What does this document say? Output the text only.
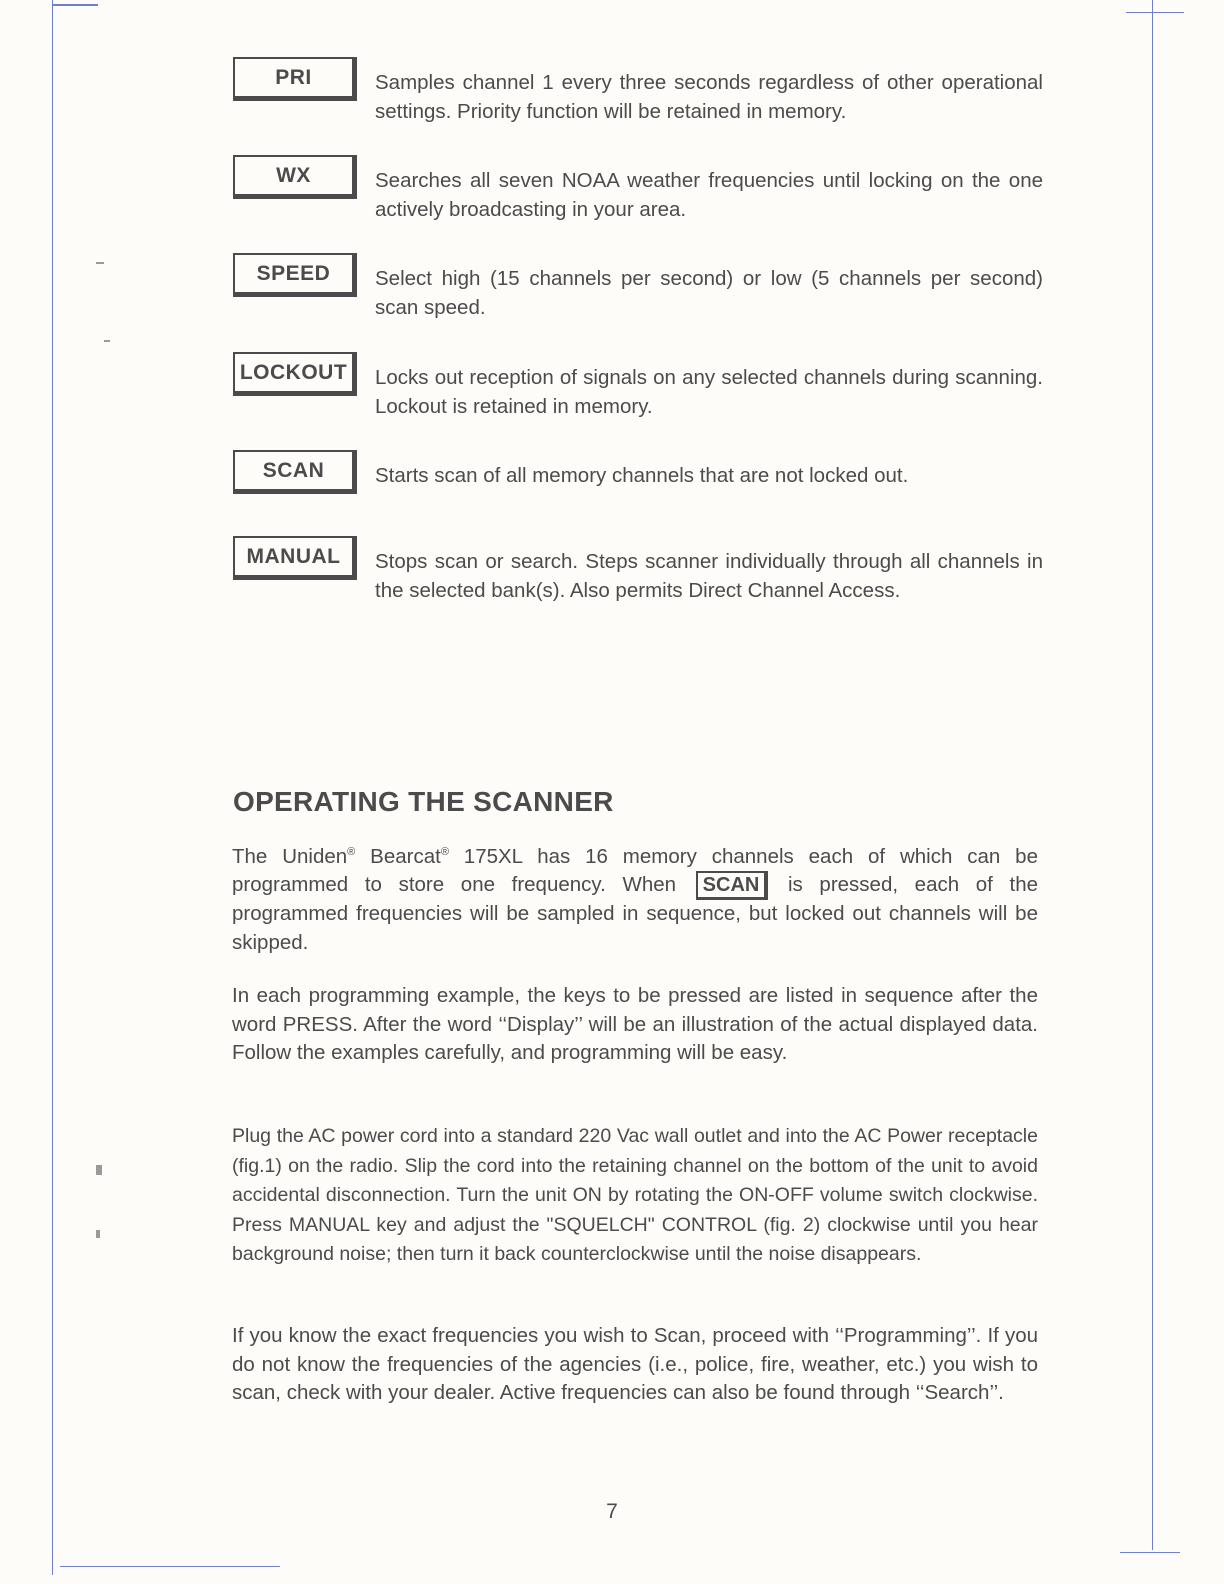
PRI	Samples channel 1 every three seconds regardless of other operational settings. Priority function will be retained in memory.
WX	Searches all seven NOAA weather frequencies until locking on the one actively broadcasting in your area.
SPEED	Select high (15 channels per second) or low (5 channels per second) scan speed.
LOCKOUT	Locks out reception of signals on any selected channels during scanning. Lockout is retained in memory.
SCAN	Starts scan of all memory channels that are not locked out.
MANUAL	Stops scan or search. Steps scanner individually through all channels in the selected bank(s). Also permits Direct Channel Access.
OPERATING THE SCANNER
The Uniden® Bearcat® 175XL has 16 memory channels each of which can be programmed to store one frequency. When SCAN is pressed, each of the programmed frequencies will be sampled in sequence, but locked out channels will be skipped.
In each programming example, the keys to be pressed are listed in sequence after the word PRESS. After the word ‘‘Display’’ will be an illustration of the actual displayed data. Follow the examples carefully, and programming will be easy.
Plug the AC power cord into a standard 220 Vac wall outlet and into the AC Power receptacle (fig.1) on the radio. Slip the cord into the retaining channel on the bottom of the unit to avoid accidental disconnection. Turn the unit ON by rotating the ON-OFF volume switch clockwise. Press MANUAL key and adjust the "SQUELCH" CONTROL (fig. 2) clockwise until you hear background noise; then turn it back counterclockwise until the noise disappears.
If you know the exact frequencies you wish to Scan, proceed with ‘‘Programming’’. If you do not know the frequencies of the agencies (i.e., police, fire, weather, etc.) you wish to scan, check with your dealer. Active frequencies can also be found through ‘‘Search’’.
7
